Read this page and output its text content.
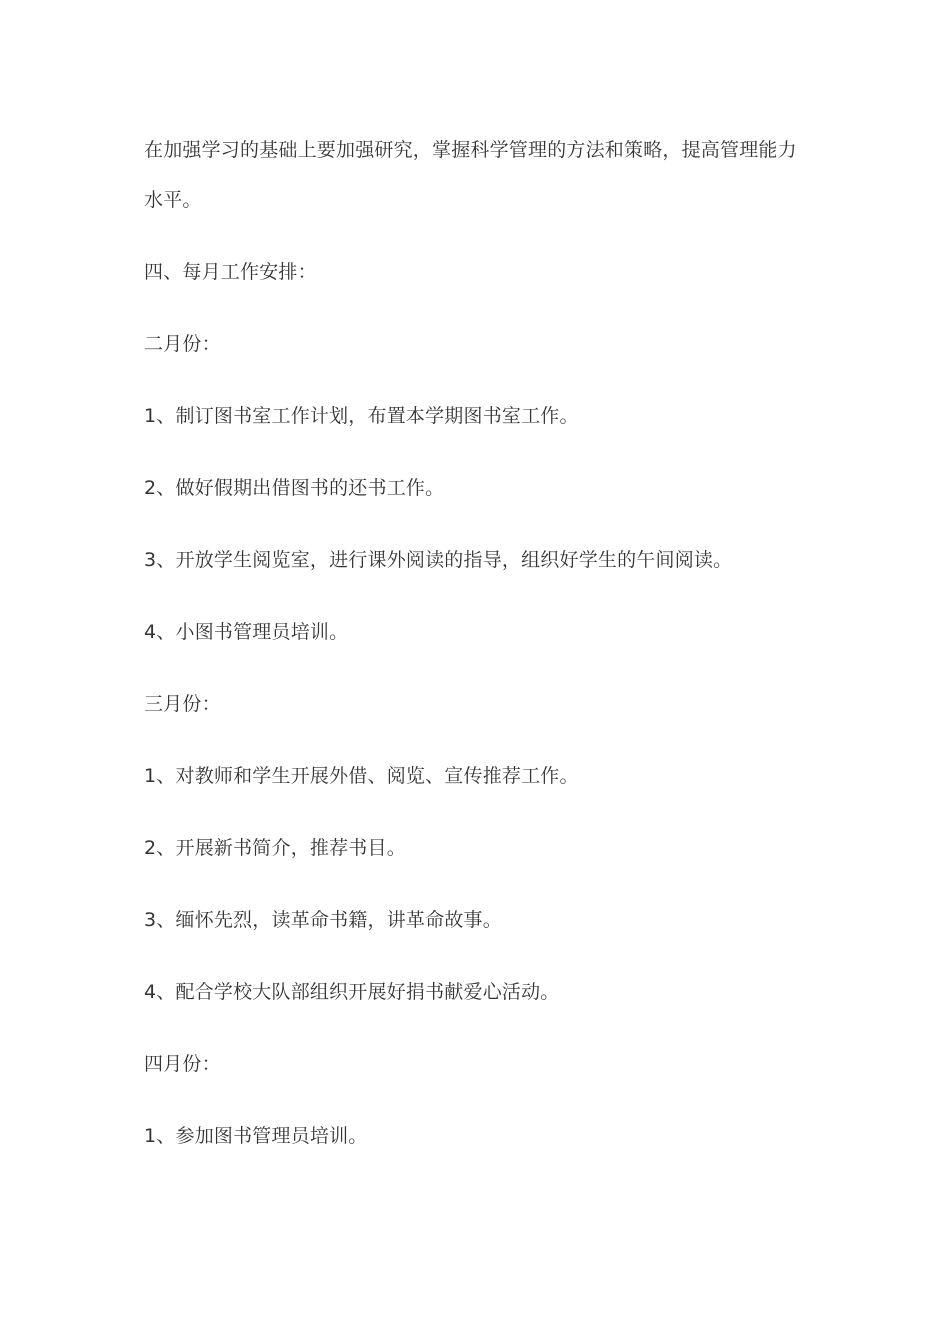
在加强学习的基础上要加强研究，掌握科学管理的方法和策略，提高管理能力

水平。

四、每月工作安排：

二月份：

1、制订图书室工作计划，布置本学期图书室工作。

2、做好假期出借图书的还书工作。

3、开放学生阅览室，进行课外阅读的指导，组织好学生的午间阅读。

4、小图书管理员培训。

三月份：

1、对教师和学生开展外借、阅览、宣传推荐工作。

2、开展新书简介，推荐书目。

3、缅怀先烈，读革命书籍，讲革命故事。

4、配合学校大队部组织开展好捐书献爱心活动。

四月份：

1、参加图书管理员培训。
